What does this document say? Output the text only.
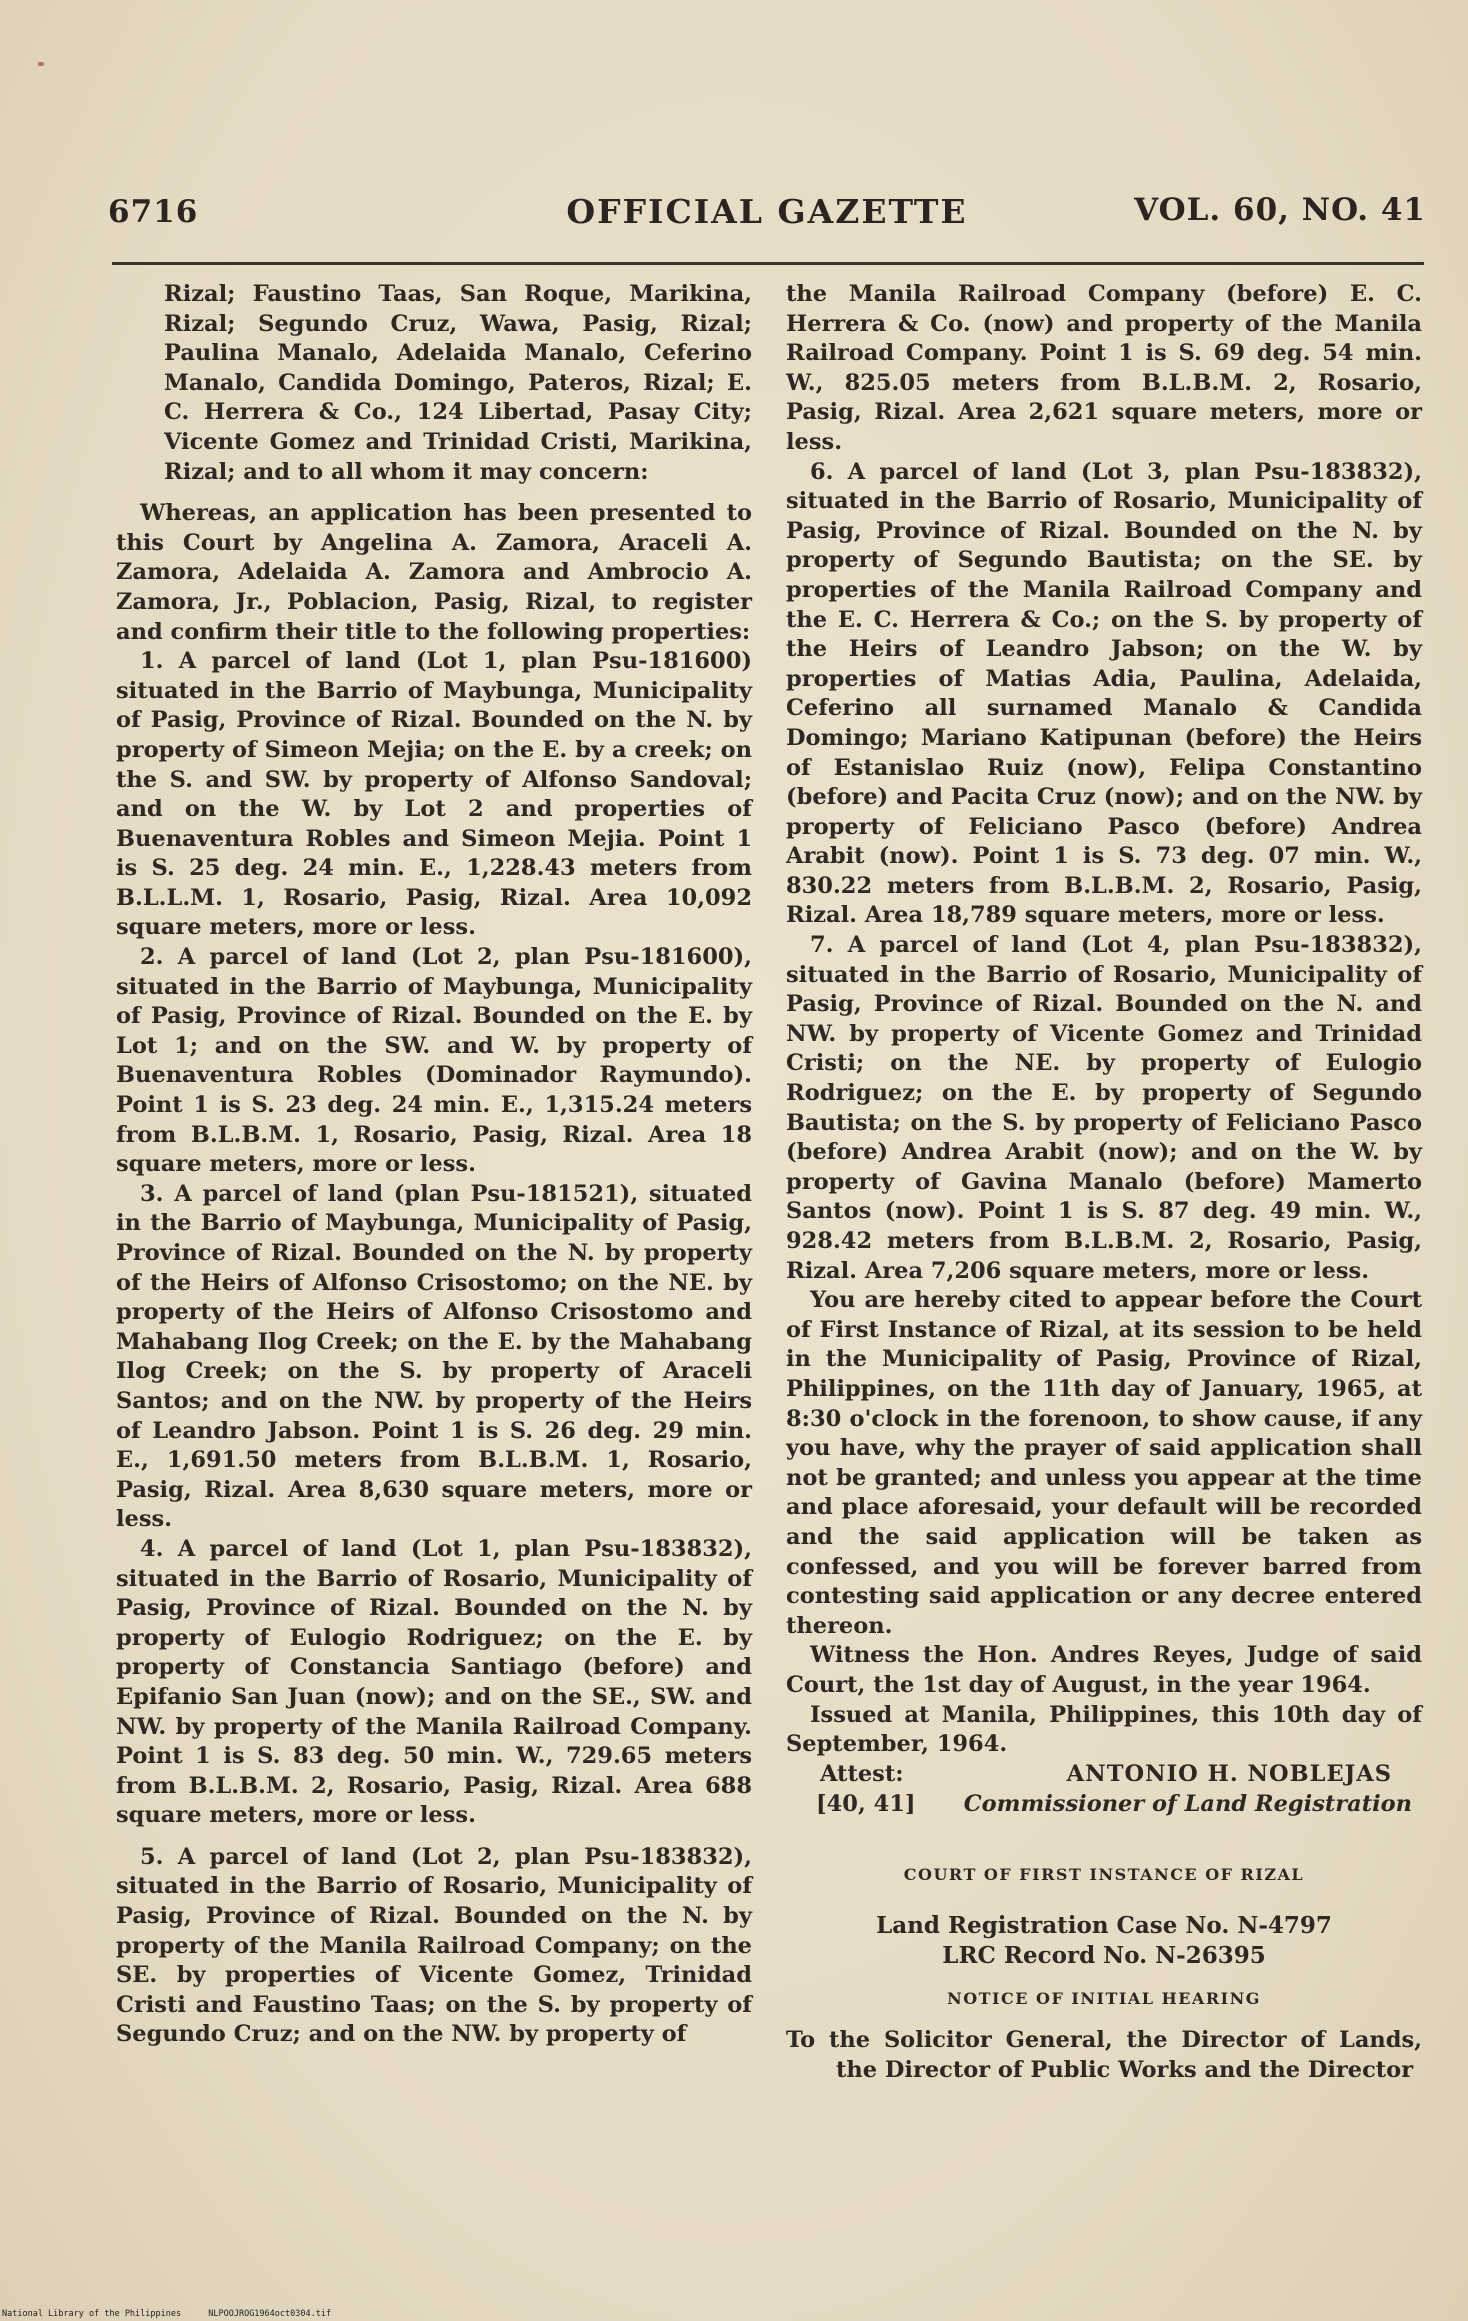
6716	OFFICIAL GAZETTE	VOL. 60, NO. 41

Rizal; Faustino Taas, San Roque, Marikina, Rizal; Segundo Cruz, Wawa, Pasig, Rizal; Paulina Manalo, Adelaida Manalo, Ceferino Manalo, Candida Domingo, Pateros, Rizal; E. C. Herrera & Co., 124 Libertad, Pasay City; Vicente Gomez and Trinidad Cristi, Marikina, Rizal; and to all whom it may concern:

Whereas, an application has been presented to this Court by Angelina A. Zamora, Araceli A. Zamora, Adelaida A. Zamora and Ambrocio A. Zamora, Jr., Poblacion, Pasig, Rizal, to register and confirm their title to the following properties:

1. A parcel of land (Lot 1, plan Psu-181600) situated in the Barrio of Maybunga, Municipality of Pasig, Province of Rizal. Bounded on the N. by property of Simeon Mejia; on the E. by a creek; on the S. and SW. by property of Alfonso Sandoval; and on the W. by Lot 2 and properties of Buenaventura Robles and Simeon Mejia. Point 1 is S. 25 deg. 24 min. E., 1,228.43 meters from B.L.L.M. 1, Rosario, Pasig, Rizal. Area 10,092 square meters, more or less.

2. A parcel of land (Lot 2, plan Psu-181600), situated in the Barrio of Maybunga, Municipality of Pasig, Province of Rizal. Bounded on the E. by Lot 1; and on the SW. and W. by property of Buenaventura Robles (Dominador Raymundo). Point 1 is S. 23 deg. 24 min. E., 1,315.24 meters from B.L.B.M. 1, Rosario, Pasig, Rizal. Area 18 square meters, more or less.

3. A parcel of land (plan Psu-181521), situated in the Barrio of Maybunga, Municipality of Pasig, Province of Rizal. Bounded on the N. by property of the Heirs of Alfonso Crisostomo; on the NE. by property of the Heirs of Alfonso Crisostomo and Mahabang Ilog Creek; on the E. by the Mahabang Ilog Creek; on the S. by property of Araceli Santos; and on the NW. by property of the Heirs of Leandro Jabson. Point 1 is S. 26 deg. 29 min. E., 1,691.50 meters from B.L.B.M. 1, Rosario, Pasig, Rizal. Area 8,630 square meters, more or less.

4. A parcel of land (Lot 1, plan Psu-183832), situated in the Barrio of Rosario, Municipality of Pasig, Province of Rizal. Bounded on the N. by property of Eulogio Rodriguez; on the E. by property of Constancia Santiago (before) and Epifanio San Juan (now); and on the SE., SW. and NW. by property of the Manila Railroad Company. Point 1 is S. 83 deg. 50 min. W., 729.65 meters from B.L.B.M. 2, Rosario, Pasig, Rizal. Area 688 square meters, more or less.

5. A parcel of land (Lot 2, plan Psu-183832), situated in the Barrio of Rosario, Municipality of Pasig, Province of Rizal. Bounded on the N. by property of the Manila Railroad Company; on the SE. by properties of Vicente Gomez, Trinidad Cristi and Faustino Taas; on the S. by property of Segundo Cruz; and on the NW. by property of

the Manila Railroad Company (before) E. C. Herrera & Co. (now) and property of the Manila Railroad Company. Point 1 is S. 69 deg. 54 min. W., 825.05 meters from B.L.B.M. 2, Rosario, Pasig, Rizal. Area 2,621 square meters, more or less.

6. A parcel of land (Lot 3, plan Psu-183832), situated in the Barrio of Rosario, Municipality of Pasig, Province of Rizal. Bounded on the N. by property of Segundo Bautista; on the SE. by properties of the Manila Railroad Company and the E. C. Herrera & Co.; on the S. by property of the Heirs of Leandro Jabson; on the W. by properties of Matias Adia, Paulina, Adelaida, Ceferino all surnamed Manalo & Candida Domingo; Mariano Katipunan (before) the Heirs of Estanislao Ruiz (now), Felipa Constantino (before) and Pacita Cruz (now); and on the NW. by property of Feliciano Pasco (before) Andrea Arabit (now). Point 1 is S. 73 deg. 07 min. W., 830.22 meters from B.L.B.M. 2, Rosario, Pasig, Rizal. Area 18,789 square meters, more or less.

7. A parcel of land (Lot 4, plan Psu-183832), situated in the Barrio of Rosario, Municipality of Pasig, Province of Rizal. Bounded on the N. and NW. by property of Vicente Gomez and Trinidad Cristi; on the NE. by property of Eulogio Rodriguez; on the E. by property of Segundo Bautista; on the S. by property of Feliciano Pasco (before) Andrea Arabit (now); and on the W. by property of Gavina Manalo (before) Mamerto Santos (now). Point 1 is S. 87 deg. 49 min. W., 928.42 meters from B.L.B.M. 2, Rosario, Pasig, Rizal. Area 7,206 square meters, more or less.

You are hereby cited to appear before the Court of First Instance of Rizal, at its session to be held in the Municipality of Pasig, Province of Rizal, Philippines, on the 11th day of January, 1965, at 8:30 o'clock in the forenoon, to show cause, if any you have, why the prayer of said application shall not be granted; and unless you appear at the time and place aforesaid, your default will be recorded and the said application will be taken as confessed, and you will be forever barred from contesting said application or any decree entered thereon.

Witness the Hon. Andres Reyes, Judge of said Court, the 1st day of August, in the year 1964.

Issued at Manila, Philippines, this 10th day of September, 1964.

Attest:	ANTONIO H. NOBLEJAS
[40, 41] Commissioner of Land Registration

COURT OF FIRST INSTANCE OF RIZAL

Land Registration Case No. N-4797

LRC Record No. N-26395

NOTICE OF INITIAL HEARING

To the Solicitor General, the Director of Lands, the Director of Public Works and the Director

National Library of the Philippines	NLPOOJROG1964oct0304.tif
